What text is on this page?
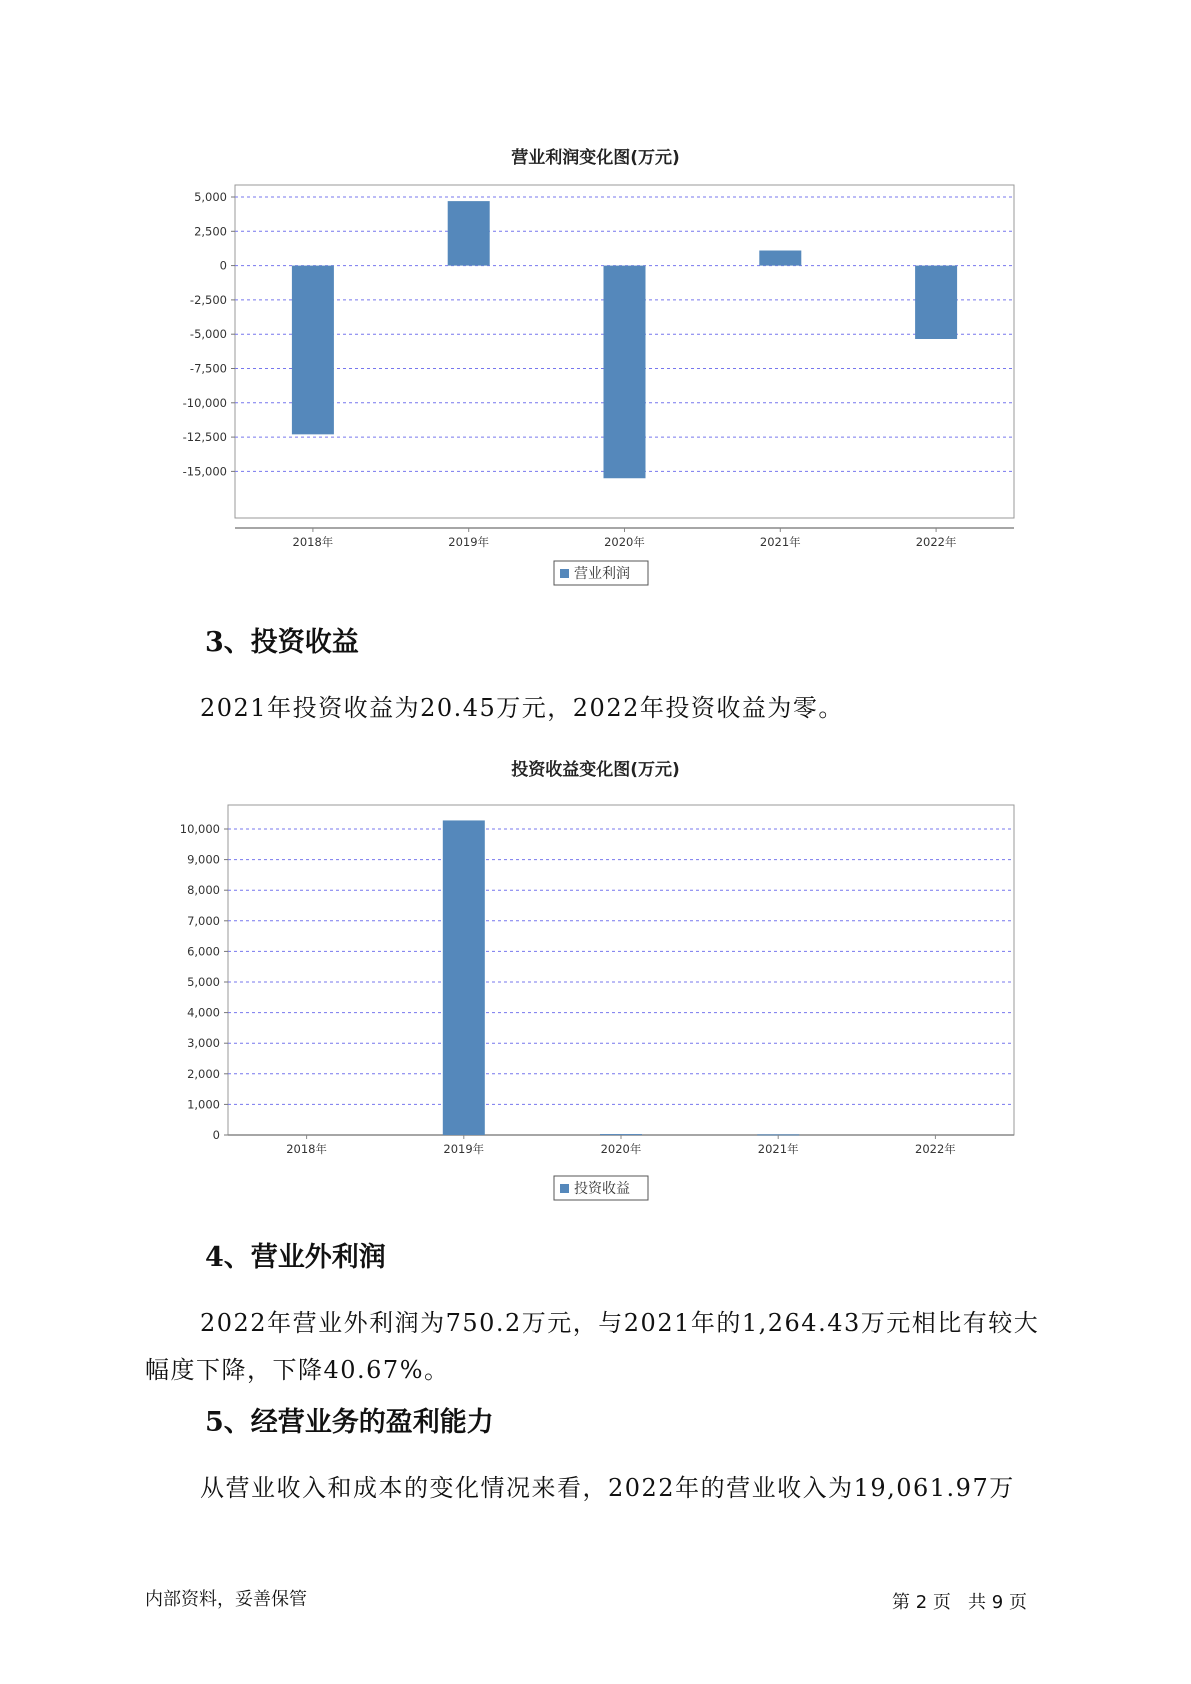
营业利润变化图(万元)
5,000
2,500
0
-2,500
-5,000
-7,500
-10,000
-12,500
-15,000
2018年	2019年	2020年	2021年	2022年
营业利润
3、投资收益
2021年投资收益为20.45万元，2022年投资收益为零。
投资收益变化图(万元)
10,000
9,000
8,000
7,000
6,000
5,000
4,000
3,000
2,000
1,000
0
2018年	2019年	2020年	2021年	2022年
投资收益
4、营业外利润
2022年营业外利润为750.2万元，与2021年的1,264.43万元相比有较大
幅度下降，下降40.67%。
5、经营业务的盈利能力
从营业收入和成本的变化情况来看，2022年的营业收入为19,061.97万
内部资料，妥善保管	第 2 页   共 9 页
